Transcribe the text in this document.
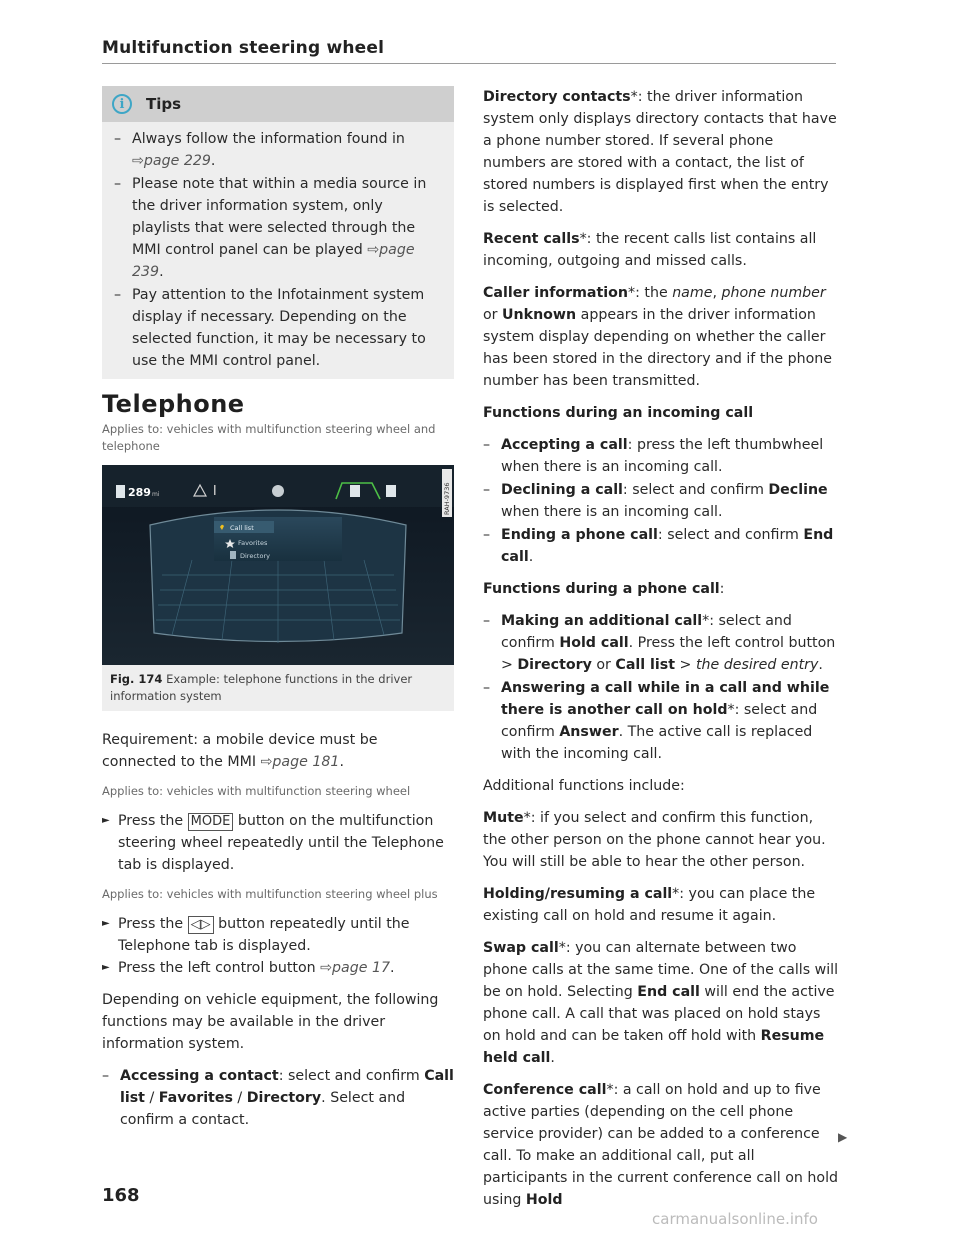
Multifunction steering wheel
i	Tips
– Always follow the information found in ⇨page 229.
– Please note that within a media source in the driver information system, only playlists that were selected through the MMI control panel can be played ⇨page 239.
– Pay attention to the Infotainment system display if necessary. Depending on the selected function, it may be necessary to use the MMI control panel.
Telephone
Applies to: vehicles with multifunction steering wheel and telephone
Call list
Favorites
Directory
289 mi	RAH-9736
Fig. 174 Example: telephone functions in the driver information system

Requirement: a mobile device must be connected to the MMI ⇨page 181.

Applies to: vehicles with multifunction steering wheel
► Press the MODE button on the multifunction steering wheel repeatedly until the Telephone tab is displayed.
Applies to: vehicles with multifunction steering wheel plus
► Press the ◁▷ button repeatedly until the Telephone tab is displayed.
► Press the left control button ⇨page 17.

Depending on vehicle equipment, the following functions may be available in the driver information system.

– Accessing a contact: select and confirm Call list / Favorites / Directory. Select and confirm a contact.

Directory contacts*: the driver information system only displays directory contacts that have a phone number stored. If several phone numbers are stored with a contact, the list of stored numbers is displayed first when the entry is selected.

Recent calls*: the recent calls list contains all incoming, outgoing and missed calls.

Caller information*: the name, phone number or Unknown appears in the driver information system display depending on whether the caller has been stored in the directory and if the phone number has been transmitted.

Functions during an incoming call

– Accepting a call: press the left thumbwheel when there is an incoming call.
– Declining a call: select and confirm Decline when there is an incoming call.
– Ending a phone call: select and confirm End call.

Functions during a phone call:

– Making an additional call*: select and confirm Hold call. Press the left control button > Directory or Call list > the desired entry.
– Answering a call while in a call and while there is another call on hold*: select and confirm Answer. The active call is replaced with the incoming call.

Additional functions include:

Mute*: if you select and confirm this function, the other person on the phone cannot hear you. You will still be able to hear the other person.

Holding/resuming a call*: you can place the existing call on hold and resume it again.

Swap call*: you can alternate between two phone calls at the same time. One of the calls will be on hold. Selecting End call will end the active phone call. A call that was placed on hold stays on hold and can be taken off hold with Resume held call.

Conference call*: a call on hold and up to five active parties (depending on the cell phone service provider) can be added to a conference call. To make an additional call, put all participants in the current conference call on hold using Hold

▶
168
carmanualsonline.info
